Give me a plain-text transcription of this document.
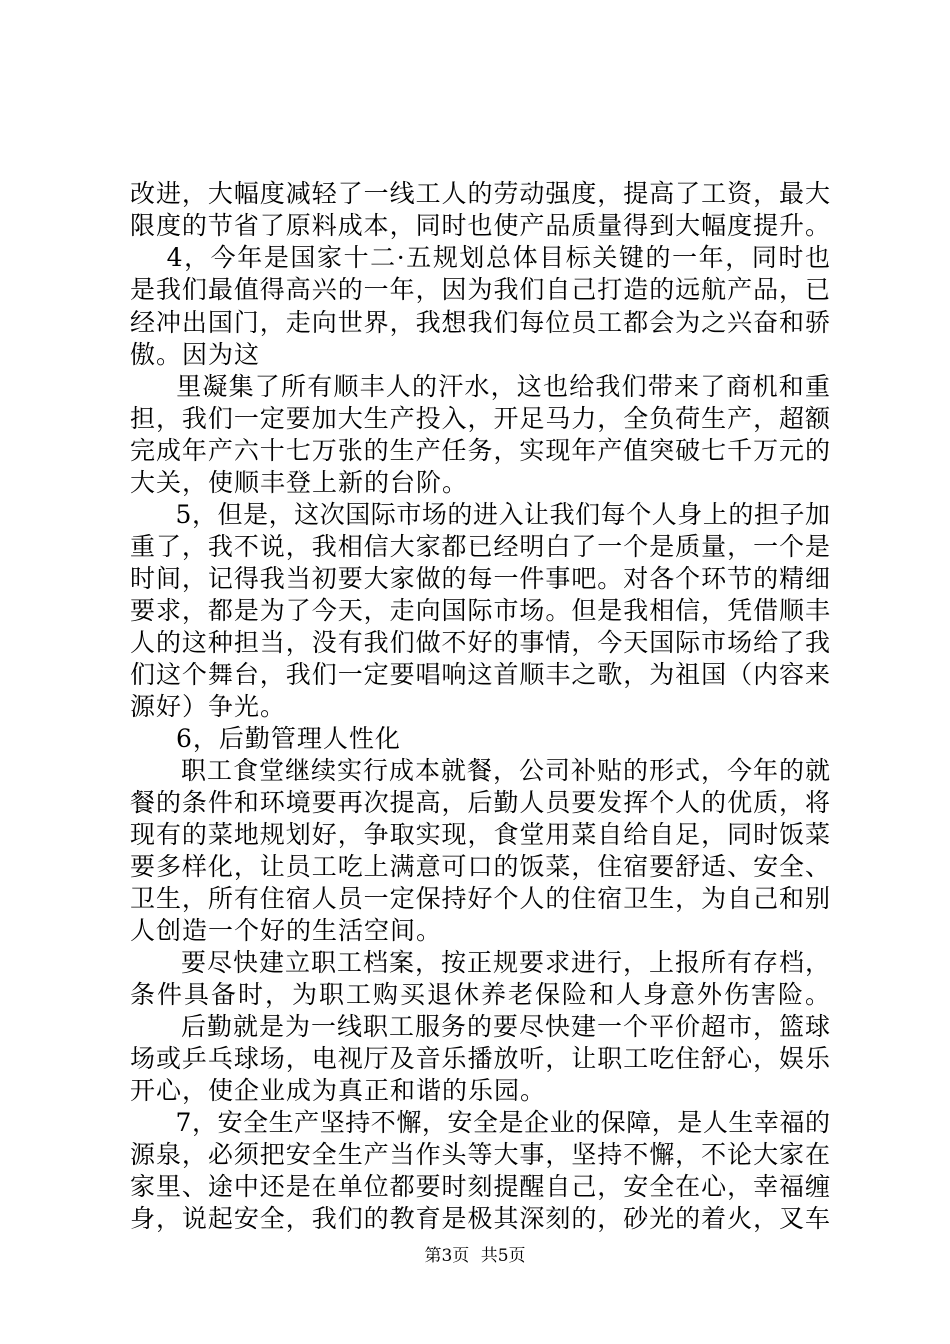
改进，大幅度减轻了一线工人的劳动强度，提高了工资，最大
限度的节省了原料成本，同时也使产品质量得到大幅度提升。
　4，今年是国家十二·五规划总体目标关键的一年，同时也
是我们最值得高兴的一年，因为我们自己打造的远航产品，已
经冲出国门，走向世界，我想我们每位员工都会为之兴奋和骄
傲。因为这
　里凝集了所有顺丰人的汗水，这也给我们带来了商机和重
担，我们一定要加大生产投入，开足马力，全负荷生产，超额
完成年产六十七万张的生产任务，实现年产值突破七千万元的
大关，使顺丰登上新的台阶。
　5，但是，这次国际市场的进入让我们每个人身上的担子加
重了，我不说，我相信大家都已经明白了一个是质量，一个是
时间，记得我当初要大家做的每一件事吧。对各个环节的精细
要求，都是为了今天，走向国际市场。但是我相信，凭借顺丰
人的这种担当，没有我们做不好的事情，今天国际市场给了我
们这个舞台，我们一定要唱响这首顺丰之歌，为祖国（内容来
源好）争光。
　6，后勤管理人性化
　职工食堂继续实行成本就餐，公司补贴的形式，今年的就
餐的条件和环境要再次提高，后勤人员要发挥个人的优质，将
现有的菜地规划好，争取实现，食堂用菜自给自足，同时饭菜
要多样化，让员工吃上满意可口的饭菜，住宿要舒适、安全、
卫生，所有住宿人员一定保持好个人的住宿卫生，为自己和别
人创造一个好的生活空间。
　要尽快建立职工档案，按正规要求进行，上报所有存档，
条件具备时，为职工购买退休养老保险和人身意外伤害险。
　后勤就是为一线职工服务的要尽快建一个平价超市，篮球
场或乒乓球场，电视厅及音乐播放听，让职工吃住舒心，娱乐
开心，使企业成为真正和谐的乐园。
　7，安全生产坚持不懈，安全是企业的保障，是人生幸福的
源泉，必须把安全生产当作头等大事，坚持不懈，不论大家在
家里、途中还是在单位都要时刻提醒自己，安全在心，幸福缠
身，说起安全，我们的教育是极其深刻的，砂光的着火，叉车
第3页 共5页
